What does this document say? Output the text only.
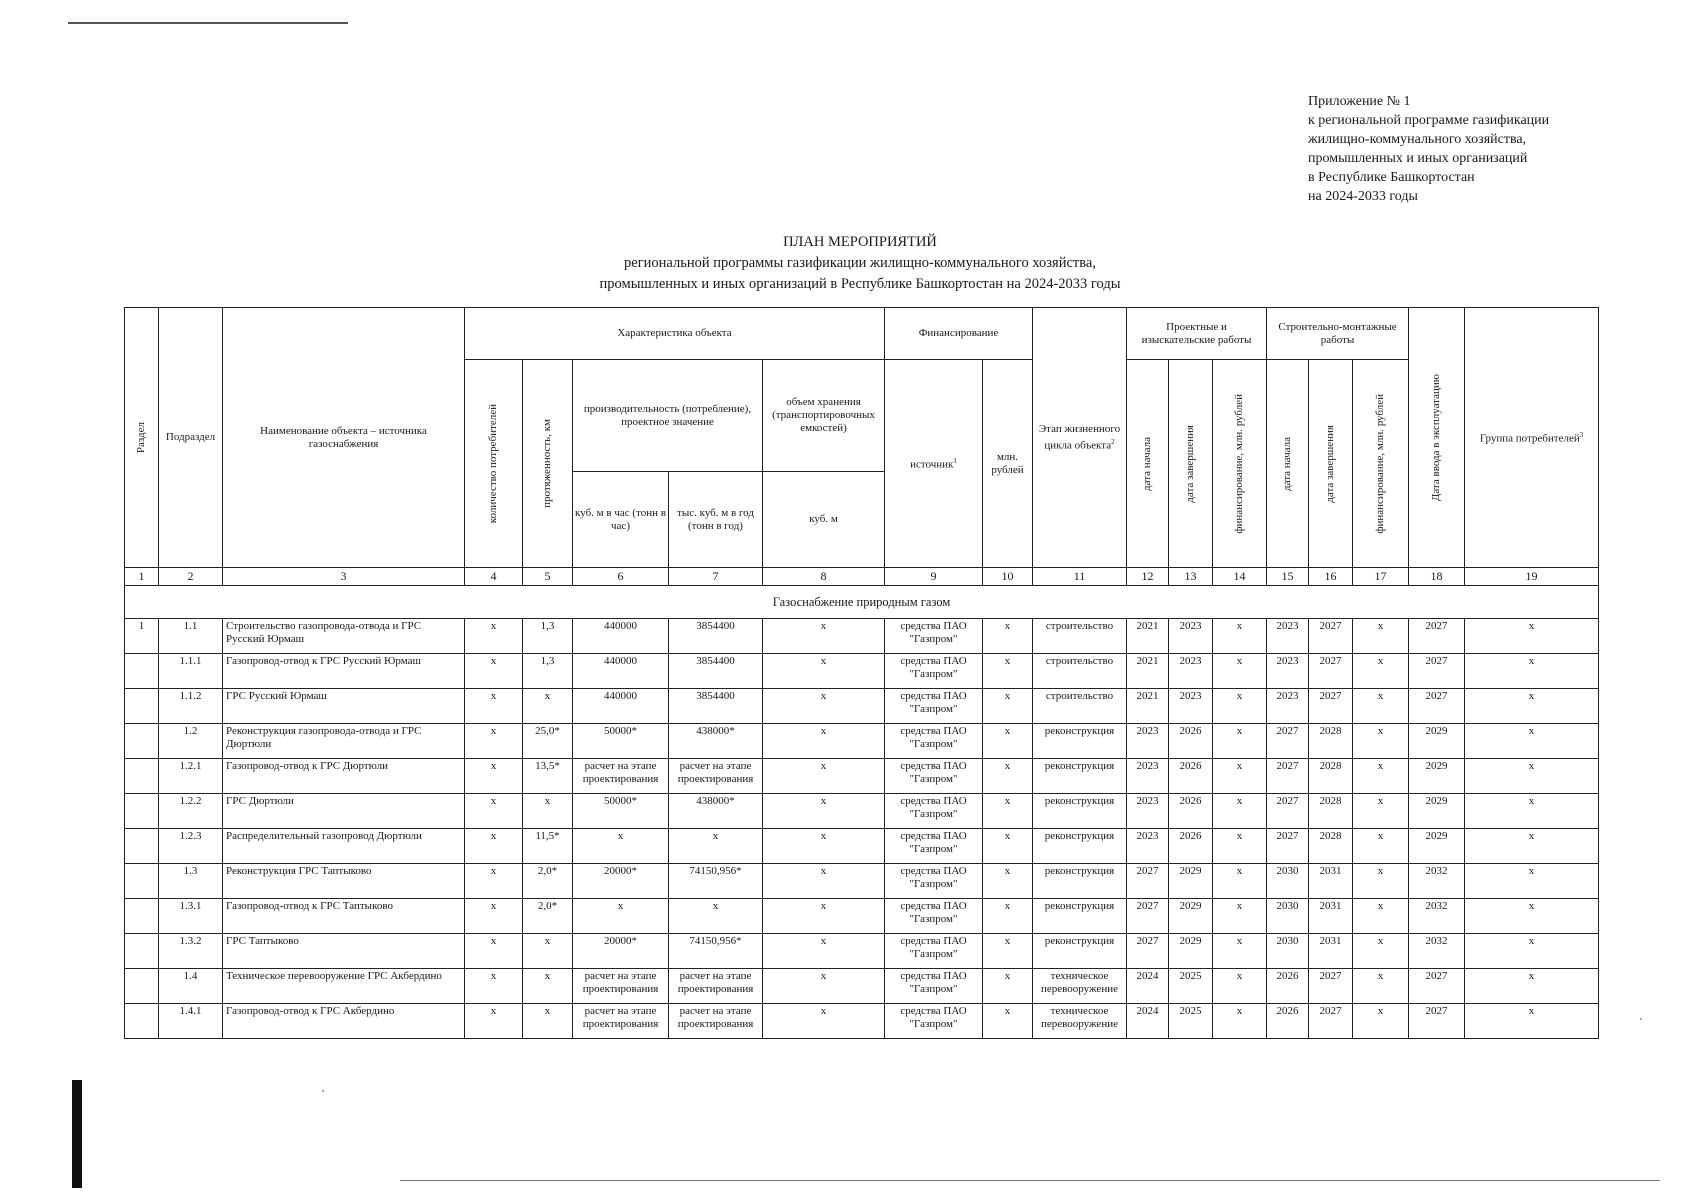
Приложение № 1
к региональной программе газификации
жилищно-коммунального хозяйства,
промышленных и иных организаций
в Республике Башкортостан
на 2024-2033 годы
ПЛАН МЕРОПРИЯТИЙ
региональной программы газификации жилищно-коммунального хозяйства,
промышленных и иных организаций в Республике Башкортостан на 2024-2033 годы
Раздел	Подраздел	Наименование объекта – источника газоснабжения	Характеристика объекта					Финансирование		Этап жизненного цикла объекта$^2$	Проектные и изыскательские работы			Строительно-монтажные работы			Дата ввода в эксплуатацию	Группа потребителей$^3$

			количество потребителей	протяженность, км	производительность (потребление), проектное значение		объем хранения (транспортировочных емкостей)	источник$^1$	млн. рублей		дата начала	дата завершения	финансирование, млн. рублей	дата начала	дата завершения	финансирование, млн. рублей		

					куб. м в час (тонн в час)	тыс. куб. м в год (тонн в год)	куб. м											
1	2	3	4	5	6	7	8	9	10	11	12	13	14	15	16	17	18	19
Газоснабжение природным газом																		
1	1.1	Строительство газопровода-отвода и ГРС Русский Юрмаш	x	1,3	440000	3854400	x	средства ПАО "Газпром"	x	строительство	2021	2023	x	2023	2027	x	2027	x
	1.1.1	Газопровод-отвод к ГРС Русский Юрмаш	x	1,3	440000	3854400	x	средства ПАО "Газпром"	x	строительство	2021	2023	x	2023	2027	x	2027	x
	1.1.2	ГРС Русский Юрмаш	x	x	440000	3854400	x	средства ПАО "Газпром"	x	строительство	2021	2023	x	2023	2027	x	2027	x
	1.2	Реконструкция газопровода-отвода и ГРС Дюртюли	x	25,0*	50000*	438000*	x	средства ПАО "Газпром"	x	реконструкция	2023	2026	x	2027	2028	x	2029	x
	1.2.1	Газопровод-отвод к ГРС Дюртюли	x	13,5*	расчет на этапе проектирования	расчет на этапе проектирования	x	средства ПАО "Газпром"	x	реконструкция	2023	2026	x	2027	2028	x	2029	x
	1.2.2	ГРС Дюртюли	x	x	50000*	438000*	x	средства ПАО "Газпром"	x	реконструкция	2023	2026	x	2027	2028	x	2029	x
	1.2.3	Распределительный газопровод Дюртюли	x	11,5*	x	x	x	средства ПАО "Газпром"	x	реконструкция	2023	2026	x	2027	2028	x	2029	x
	1.3	Реконструкция ГРС Таптыково	x	2,0*	20000*	74150,956*	x	средства ПАО "Газпром"	x	реконструкция	2027	2029	x	2030	2031	x	2032	x
	1.3.1	Газопровод-отвод к ГРС Таптыково	x	2,0*	x	x	x	средства ПАО "Газпром"	x	реконструкция	2027	2029	x	2030	2031	x	2032	x
	1.3.2	ГРС Таптыково	x	x	20000*	74150,956*	x	средства ПАО "Газпром"	x	реконструкция	2027	2029	x	2030	2031	x	2032	x
	1.4	Техническое перевооружение ГРС Акбердино	x	x	расчет на этапе проектирования	расчет на этапе проектирования	x	средства ПАО "Газпром"	x	техническое перевооружение	2024	2025	x	2026	2027	x	2027	x
	1.4.1	Газопровод-отвод к ГРС Акбердино	x	x	расчет на этапе проектирования	расчет на этапе проектирования	x	средства ПАО "Газпром"	x	техническое перевооружение	2024	2025	x	2026	2027	x	2027	x
